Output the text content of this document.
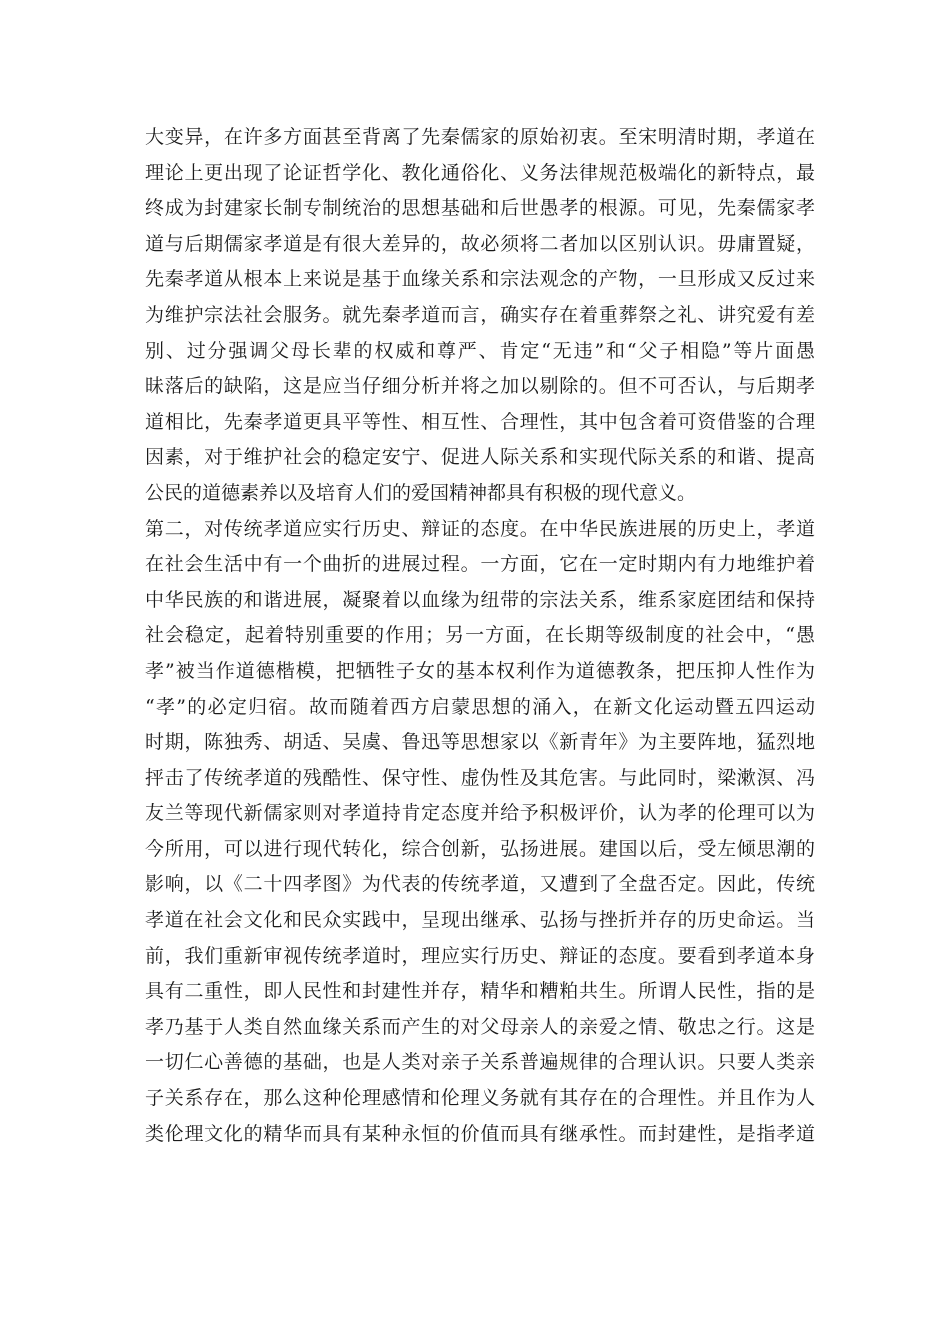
大变异，在许多方面甚至背离了先秦儒家的原始初衷。至宋明清时期，孝道在
理论上更出现了论证哲学化、教化通俗化、义务法律规范极端化的新特点，最
终成为封建家长制专制统治的思想基础和后世愚孝的根源。可见，先秦儒家孝
道与后期儒家孝道是有很大差异的，故必须将二者加以区别认识。毋庸置疑，
先秦孝道从根本上来说是基于血缘关系和宗法观念的产物，一旦形成又反过来
为维护宗法社会服务。就先秦孝道而言，确实存在着重葬祭之礼、讲究爱有差
别、过分强调父母长辈的权威和尊严、肯定“无违”和“父子相隐”等片面愚
昧落后的缺陷，这是应当仔细分析并将之加以剔除的。但不可否认，与后期孝
道相比，先秦孝道更具平等性、相互性、合理性，其中包含着可资借鉴的合理
因素，对于维护社会的稳定安宁、促进人际关系和实现代际关系的和谐、提高
公民的道德素养以及培育人们的爱国精神都具有积极的现代意义。
第二，对传统孝道应实行历史、辩证的态度。在中华民族进展的历史上，孝道
在社会生活中有一个曲折的进展过程。一方面，它在一定时期内有力地维护着
中华民族的和谐进展，凝聚着以血缘为纽带的宗法关系，维系家庭团结和保持
社会稳定，起着特别重要的作用；另一方面，在长期等级制度的社会中，“愚
孝”被当作道德楷模，把牺牲子女的基本权利作为道德教条，把压抑人性作为
“孝”的必定归宿。故而随着西方启蒙思想的涌入，在新文化运动暨五四运动
时期，陈独秀、胡适、吴虞、鲁迅等思想家以《新青年》为主要阵地，猛烈地
抨击了传统孝道的残酷性、保守性、虚伪性及其危害。与此同时，梁漱溟、冯
友兰等现代新儒家则对孝道持肯定态度并给予积极评价，认为孝的伦理可以为
今所用，可以进行现代转化，综合创新，弘扬进展。建国以后，受左倾思潮的
影响，以《二十四孝图》为代表的传统孝道，又遭到了全盘否定。因此，传统
孝道在社会文化和民众实践中，呈现出继承、弘扬与挫折并存的历史命运。当
前，我们重新审视传统孝道时，理应实行历史、辩证的态度。要看到孝道本身
具有二重性，即人民性和封建性并存，精华和糟粕共生。所谓人民性，指的是
孝乃基于人类自然血缘关系而产生的对父母亲人的亲爱之情、敬忠之行。这是
一切仁心善德的基础，也是人类对亲子关系普遍规律的合理认识。只要人类亲
子关系存在，那么这种伦理感情和伦理义务就有其存在的合理性。并且作为人
类伦理文化的精华而具有某种永恒的价值而具有继承性。而封建性，是指孝道
